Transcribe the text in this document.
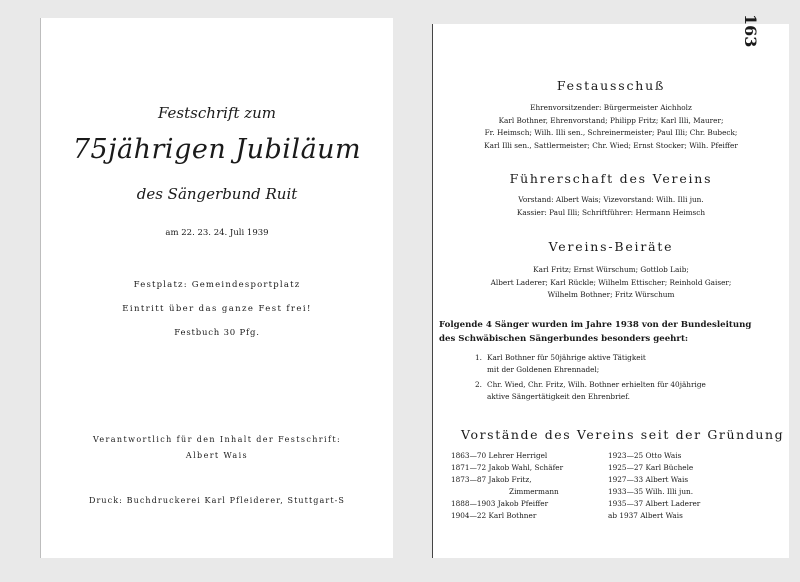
Festschrift zum
75jährigen Jubiläum
des Sängerbund Ruit
am 22. 23. 24. Juli 1939
Festplatz: Gemeindesportplatz
Eintritt über das ganze Fest frei!
Festbuch 30 Pfg.
Verantwortlich für den Inhalt der Festschrift:
Albert Wais
Druck: Buchdruckerei Karl Pfleiderer, Stuttgart-S
Festausschuß
Ehrenvorsitzender: Bürgermeister Aichholz
Karl Bothner, Ehrenvorstand; Philipp Fritz; Karl Illi, Maurer;
Fr. Heimsch; Wilh. Illi sen., Schreinermeister; Paul Illi; Chr. Bubeck;
Karl Illi sen., Sattlermeister; Chr. Wied; Ernst Stocker; Wilh. Pfeiffer
Führerschaft des Vereins
Vorstand: Albert Wais; Vizevorstand: Wilh. Illi jun.
Kassier: Paul Illi; Schriftführer: Hermann Heimsch
Vereins-Beiräte
Karl Fritz; Ernst Würschum; Gottlob Laib;
Albert Laderer; Karl Rückle; Wilhelm Ettischer; Reinhold Gaiser;
Wilhelm Bothner; Fritz Würschum
Folgende 4 Sänger wurden im Jahre 1938 von der Bundesleitung
des Schwäbischen Sängerbundes besonders geehrt:
1. Karl Bothner für 50jährige aktive Tätigkeit
mit der Goldenen Ehrennadel;
2. Chr. Wied, Chr. Fritz, Wilh. Bothner erhielten für 40jährige
aktive Sängertätigkeit den Ehrenbrief.
Vorstände des Vereins seit der Gründung
1863—70 Lehrer Herrigel
1871—72 Jakob Wahl, Schäfer
1873—87 Jakob Fritz,
Zimmermann
1888—1903 Jakob Pfeiffer
1904—22 Karl Bothner
1923—25 Otto Wais
1925—27 Karl Büchele
1927—33 Albert Wais
1933—35 Wilh. Illi jun.
1935—37 Albert Laderer
ab 1937 Albert Wais
163
